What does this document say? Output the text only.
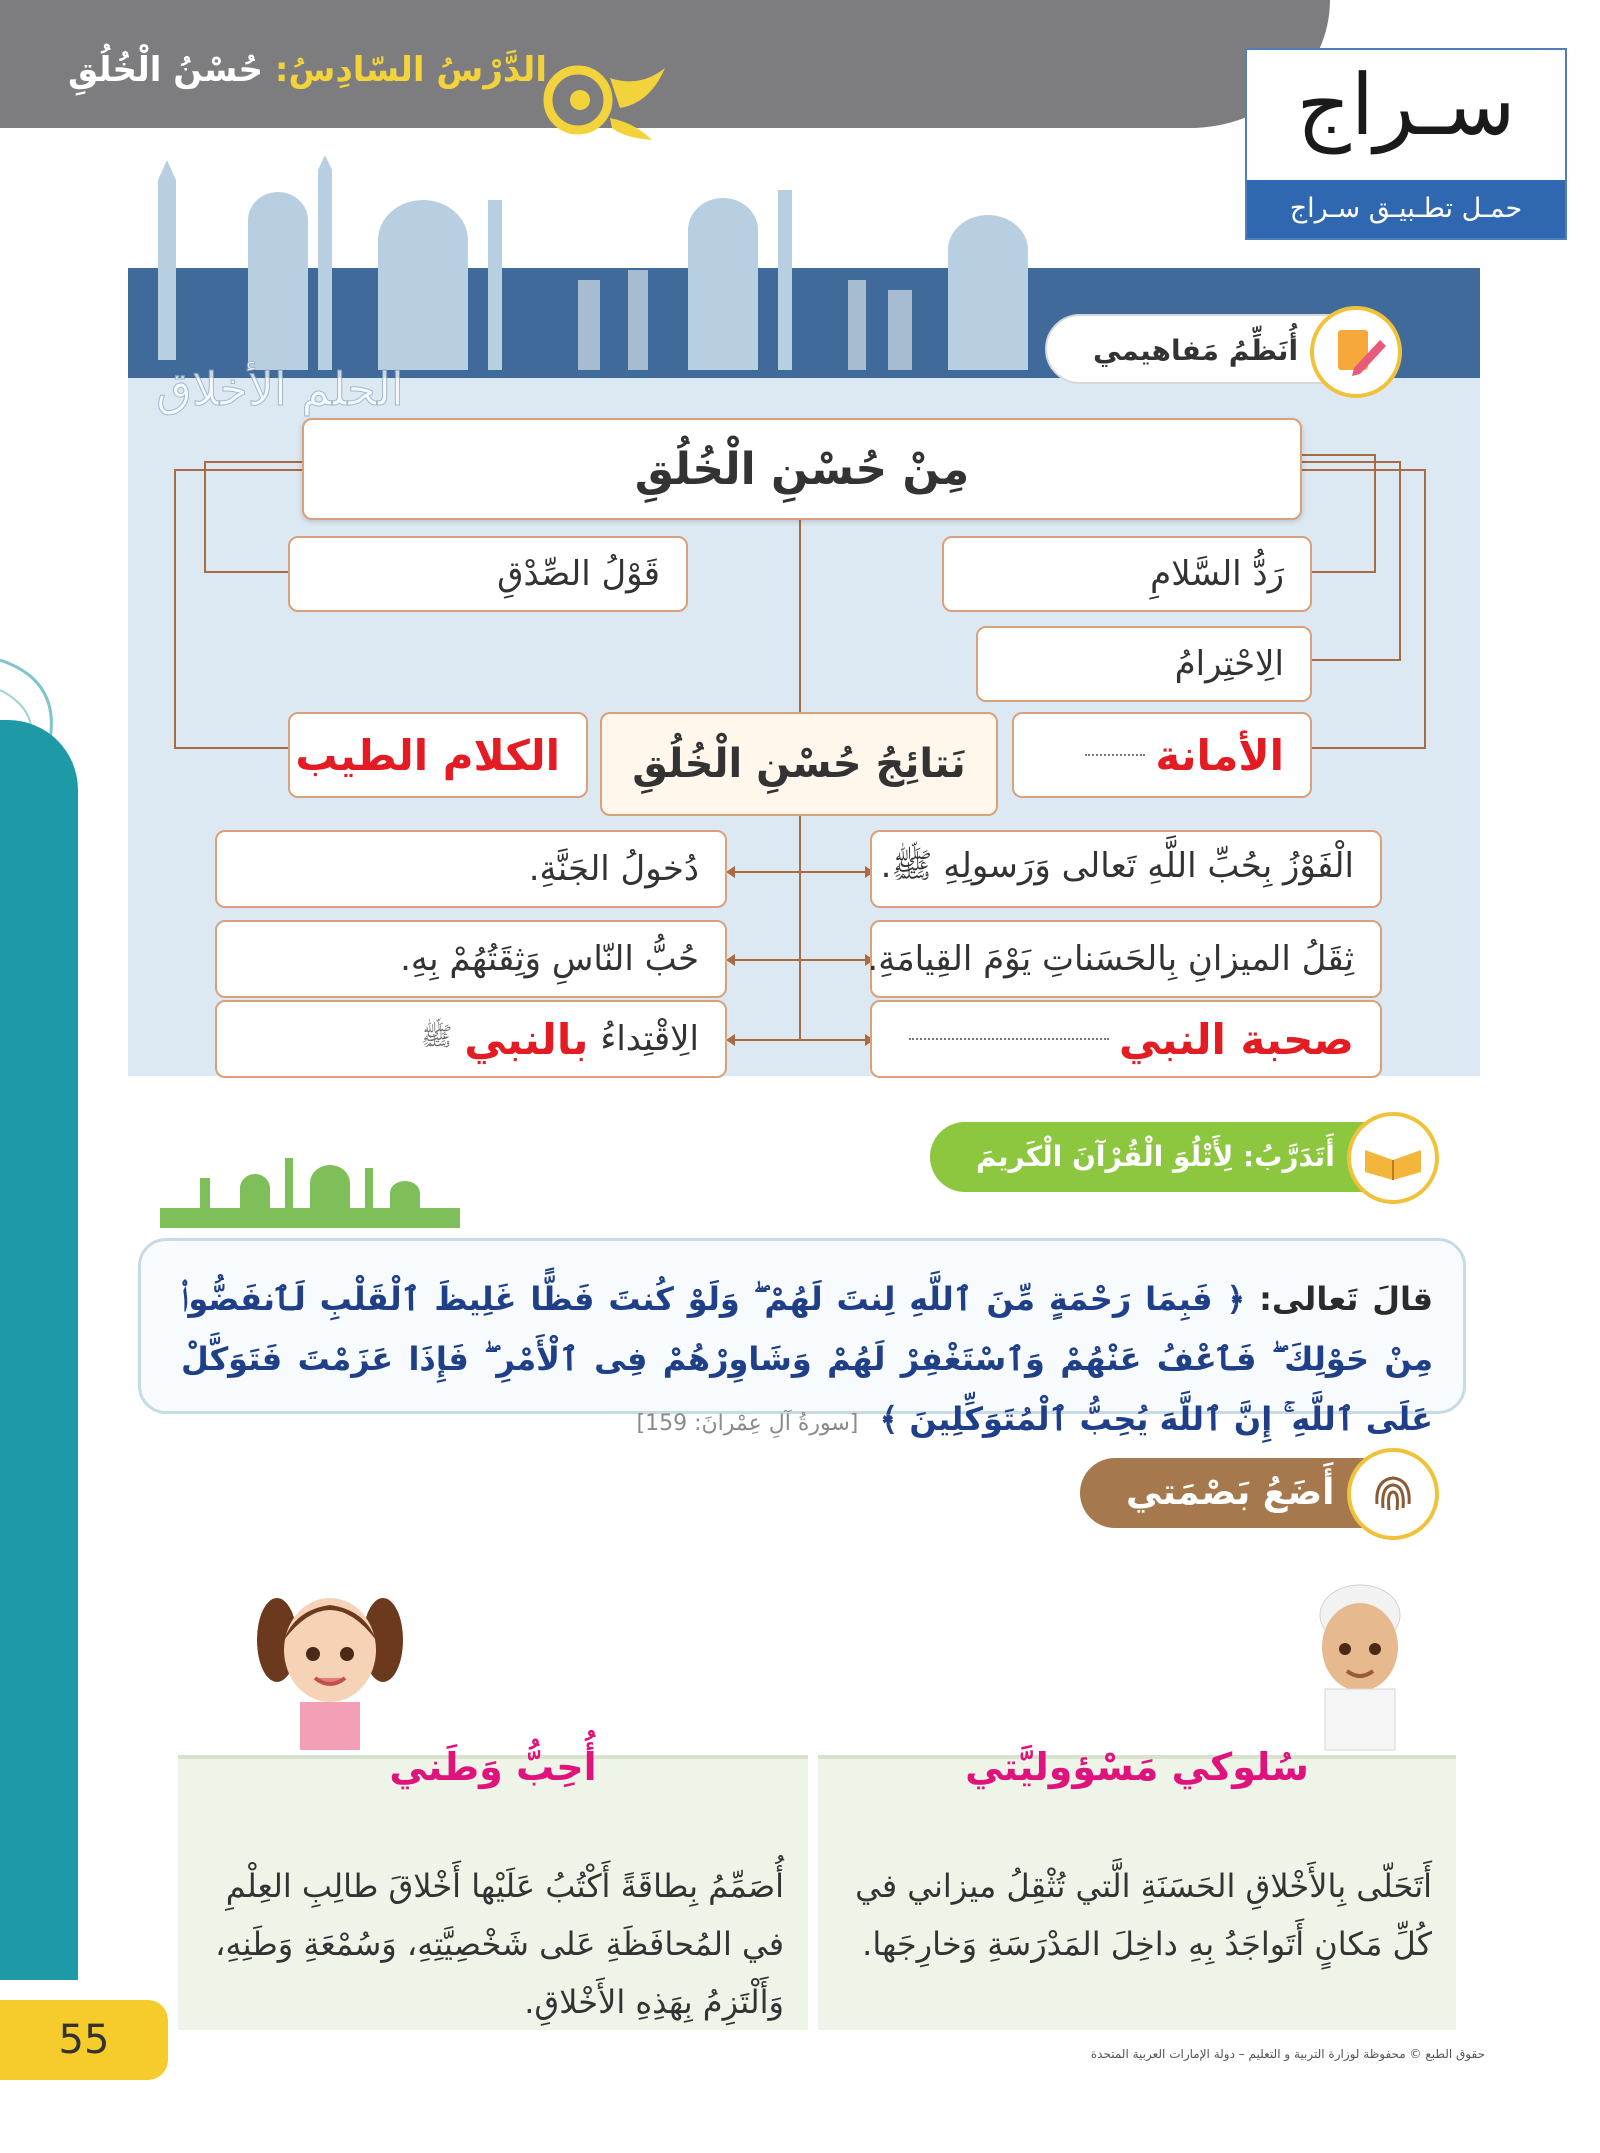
الدَّرْسُ السّادِسُ: حُسْنُ الْخُلُقِ	سـراج
حمـل تطـبيـق سـراج
الحلم الأخلاق
أُنَظِّمُ مَفاهيمي
مِنْ حُسْنِ الْخُلُقِ
قَوْلُ الصِّدْقِ	رَدُّ السَّلامِ
الِاحْتِرامُ
الأمانة
الكلام الطيب	نَتائِجُ حُسْنِ الْخُلُقِ
الْفَوْزُ بِحُبِّ اللَّهِ تَعالى وَرَسولِهِ ﷺ.
ثِقَلُ الميزانِ بِالحَسَناتِ يَوْمَ القِيامَةِ.
صحبة النبي
دُخولُ الجَنَّةِ.
حُبُّ النّاسِ وَثِقَتُهُمْ بِهِ.
الِاقْتِداءُ
بالنبي
ﷺ
أَتَدَرَّبُ: لِأَتْلُوَ الْقُرْآنَ الْكَريمَ
قالَ تَعالى: ﴿ فَبِمَا رَحْمَةٍ مِّنَ ٱللَّهِ لِنتَ لَهُمْ ۖ وَلَوْ كُنتَ فَظًّا غَلِيظَ ٱلْقَلْبِ لَٱنفَضُّوا۟ مِنْ حَوْلِكَ ۖ فَٱعْفُ عَنْهُمْ وَٱسْتَغْفِرْ لَهُمْ وَشَاوِرْهُمْ فِى ٱلْأَمْرِ ۖ فَإِذَا عَزَمْتَ فَتَوَكَّلْ عَلَى ٱللَّهِ ۚ إِنَّ ٱللَّهَ يُحِبُّ ٱلْمُتَوَكِّلِينَ ﴾ [سورةُ آلِ عِمْرانَ: 159]
أَضَعُ بَصْمَتي
أَتَحَلّى بِالأَخْلاقِ الحَسَنَةِ الَّتي تُثْقِلُ ميزاني في كُلِّ مَكانٍ أَتَواجَدُ بِهِ داخِلَ المَدْرَسَةِ وَخارِجَها.
سُلوكي مَسْؤوليَّتي
أُصَمِّمُ بِطاقَةً أَكْتُبُ عَلَيْها أَخْلاقَ طالِبِ العِلْمِ في المُحافَظَةِ عَلى شَخْصِيَّتِهِ، وَسُمْعَةِ وَطَنِهِ، وَأَلْتَزِمُ بِهَذِهِ الأَخْلاقِ.
أُحِبُّ وَطَني
55	حقوق الطبع © محفوظة لوزارة التربية و التعليم – دولة الإمارات العربية المتحدة
